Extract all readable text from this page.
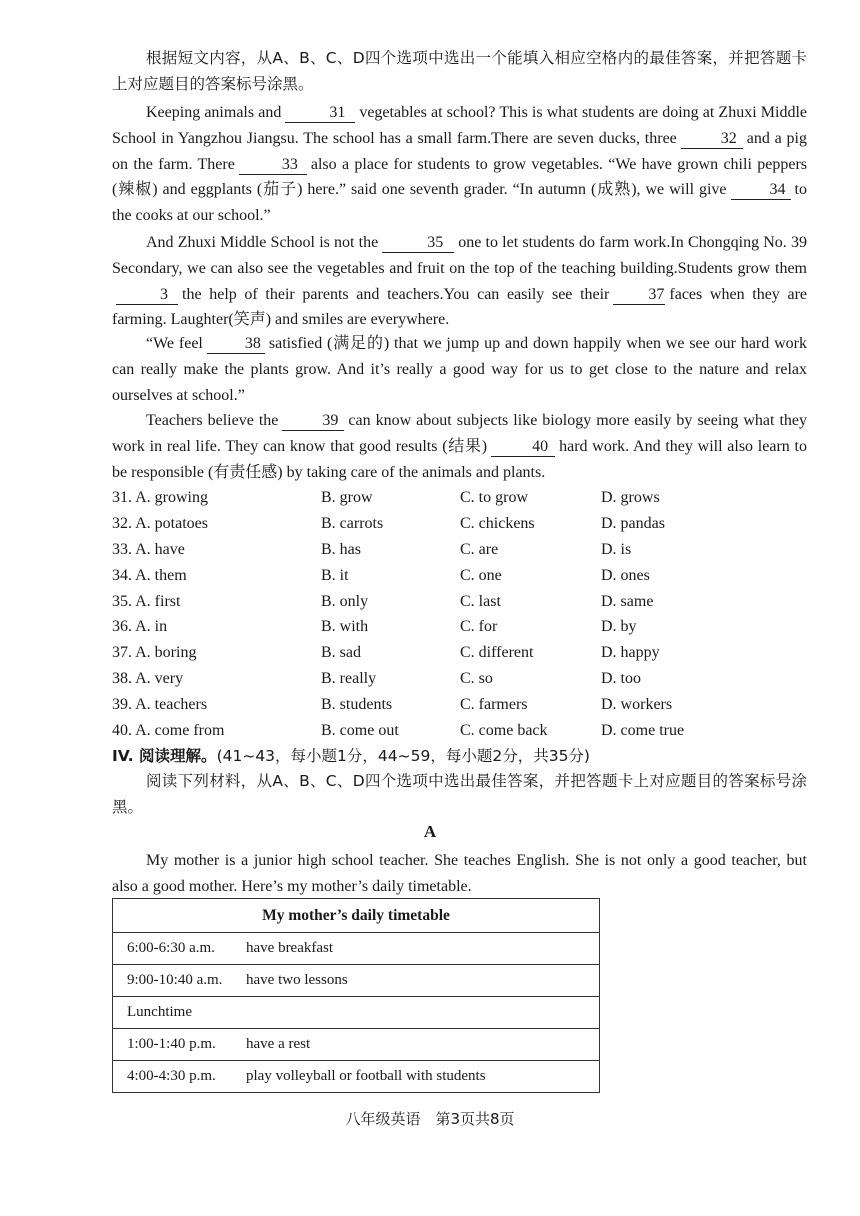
根据短文内容，从A、B、C、D四个选项中选出一个能填入相应空格内的最佳答案，并把答题卡上对应题目的答案标号涂黑。

Keeping animals and	31 vegetables at school? This is what students are doing at Zhuxi Middle School in Yangzhou Jiangsu. The school has a small farm.There are seven ducks, three	32 and a pig on the farm. There	33 also a place for students to grow vegetables. “We have grown chili peppers (辣椒) and eggplants (茄子) here.” said one seventh grader. “In autumn (成熟), we will give	34 to the cooks at our school.”

And Zhuxi Middle School is not the	35 one to let students do farm work.In Chongqing No. 39 Secondary, we can also see the vegetables and fruit on the top of the teaching building.Students grow them3 the help of their parents and teachers.You can easily see their 37 faces when they are farming. Laughter(笑声) and smiles are everywhere.

“We feel	38 satisfied (满足的) that we jump up and down happily when we see our hard work can really make the plants grow. And it’s really a good way for us to get close to the nature and relax ourselves at school.”

Teachers believe the	39 can know about subjects like biology more easily by seeing what they work in real life. They can know that good results (结果)	40 hard work. And they will also learn to be responsible (有责任感) by taking care of the animals and plants.

31. A. growing	B. grow	C. to grow	D. grows
32. A. potatoes	B. carrots	C. chickens	D. pandas
33. A. have	B. has	C. are	D. is
34. A. them	B. it	C. one	D. ones
35. A. first	B. only	C. last	D. same
36. A. in	B. with	C. for	D. by
37. A. boring	B. sad	C. different	D. happy
38. A. very	B. really	C. so	D. too
39. A. teachers	B. students	C. farmers	D. workers
40. A. come from	B. come out	C. come back	D. come true
IV. 阅读理解。(41~43，每小题1分，44~59，每小题2分，共35分)

阅读下列材料，从A、B、C、D四个选项中选出最佳答案，并把答题卡上对应题目的答案标号涂黑。

A

My mother is a junior high school teacher. She teaches English. She is not only a good teacher, but also a good mother. Here’s my mother’s daily timetable.

My mother’s daily timetable
6:00-6:30 a.m. have breakfast
9:00-10:40 a.m. have two lessons
Lunchtime
1:00-1:40 p.m. have a rest
4:00-4:30 p.m. play volleyball or football with students
八年级英语　第3页共8页
